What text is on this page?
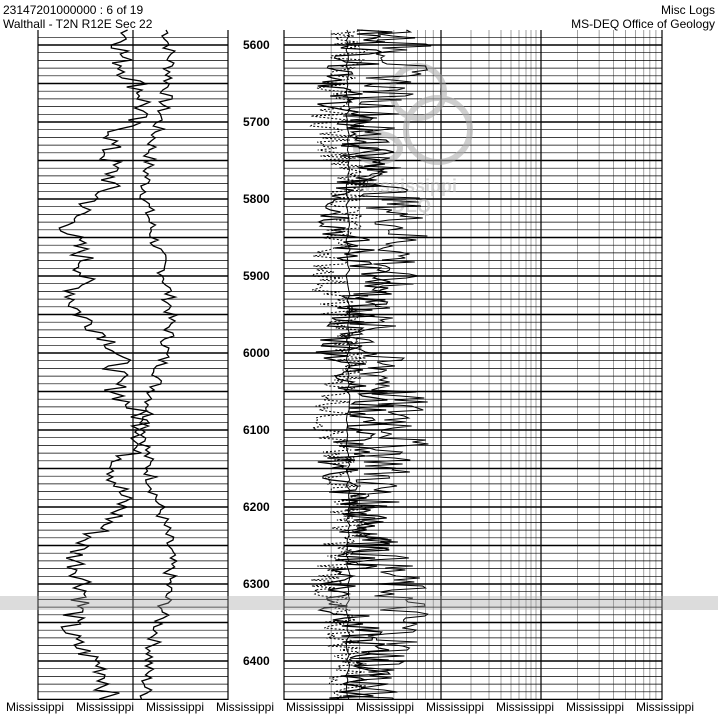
23147201000000 : 6 of 19
Walthall - T2N R12E Sec 22
Misc Logs
MS-DEQ Office of Geology
Mississippi
DEQ
5600
5700
5800
5900
6000
6100
6200
6300
6400
Mississippi Mississippi Mississippi Mississippi Mississippi Mississippi Mississippi Mississippi Mississippi Mississippi
